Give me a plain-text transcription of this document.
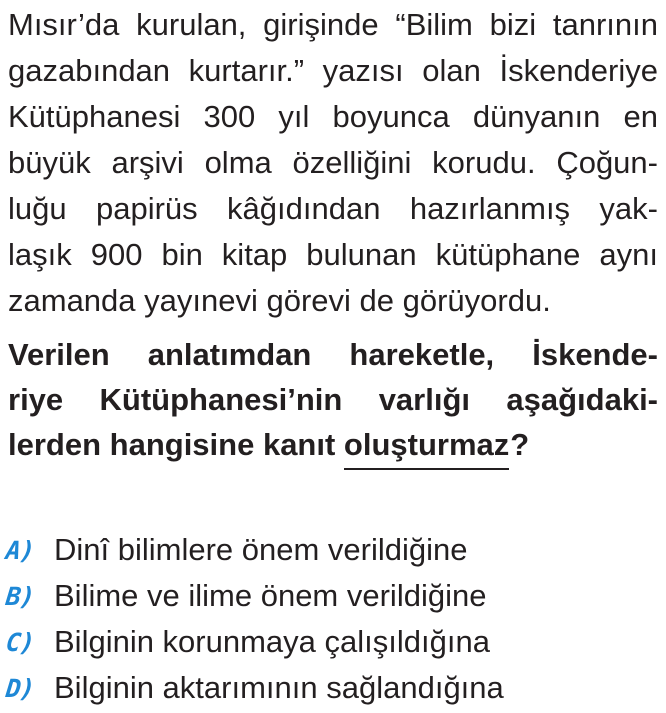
Mısır’da kurulan, girişinde “Bilim bizi tanrının
gazabından kurtarır.” yazısı olan İskenderiye
Kütüphanesi 300 yıl boyunca dünyanın en
büyük arşivi olma özelliğini korudu. Çoğun-
luğu papirüs kâğıdından hazırlanmış yak-
laşık 900 bin kitap bulunan kütüphane aynı
zamanda yayınevi görevi de görüyordu.
Verilen anlatımdan hareketle, İskende-
riye Kütüphanesi’nin varlığı aşağıdaki-
lerden hangisine kanıt oluşturmaz?
A) Dinî bilimlere önem verildiğine
B) Bilime ve ilime önem verildiğine
C) Bilginin korunmaya çalışıldığına
D) Bilginin aktarımının sağlandığına
